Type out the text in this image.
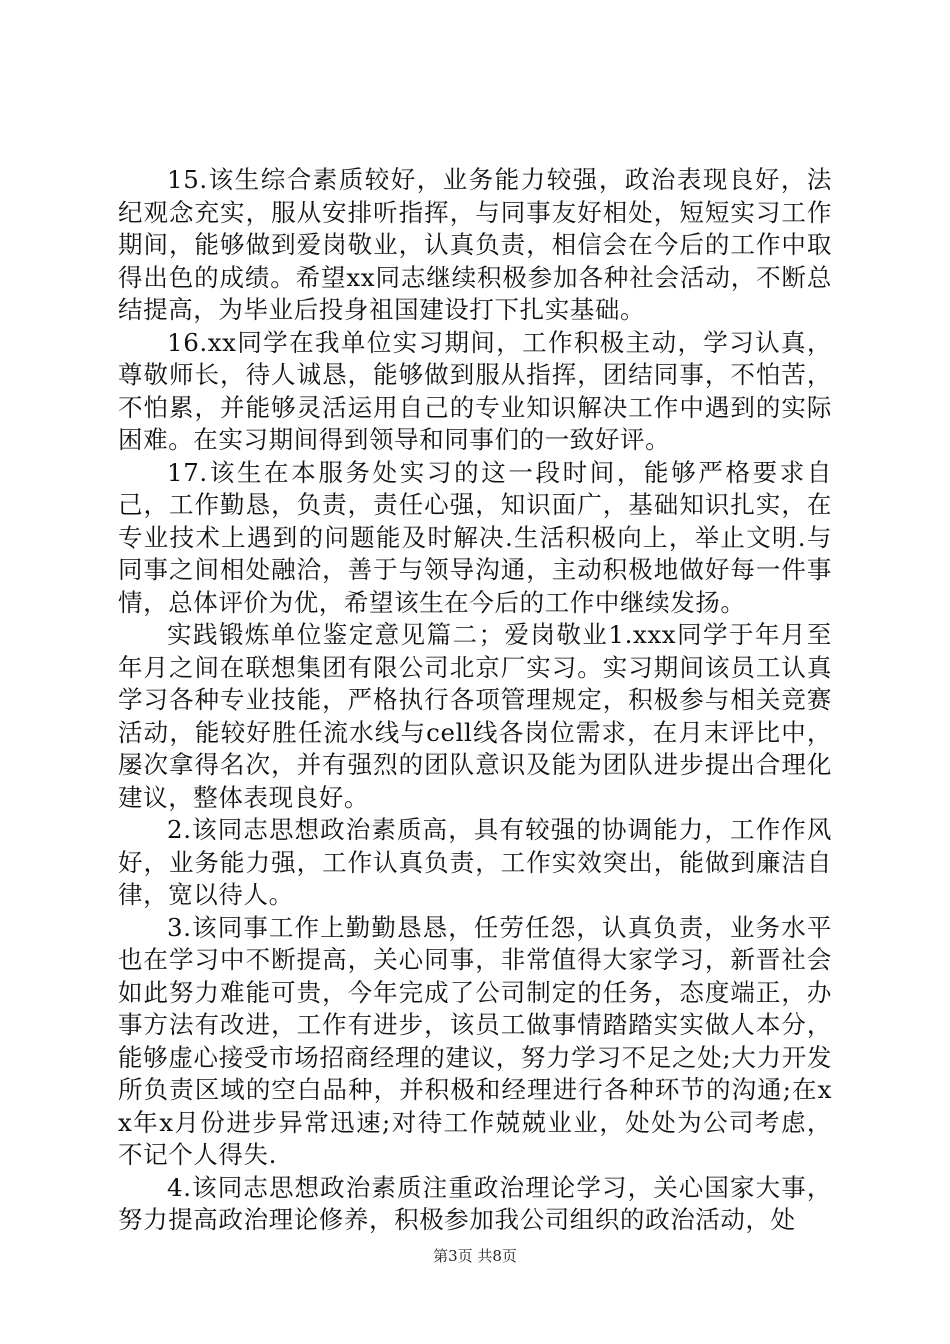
15.该生综合素质较好，业务能力较强，政治表现良好，法纪观念充实，服从安排听指挥，与同事友好相处，短短实习工作期间，能够做到爱岗敬业，认真负责，相信会在今后的工作中取得出色的成绩。希望xx同志继续积极参加各种社会活动，不断总结提高，为毕业后投身祖国建设打下扎实基础。

16.xx同学在我单位实习期间，工作积极主动，学习认真，尊敬师长，待人诚恳，能够做到服从指挥，团结同事，不怕苦，不怕累，并能够灵活运用自己的专业知识解决工作中遇到的实际困难。在实习期间得到领导和同事们的一致好评。

17.该生在本服务处实习的这一段时间，能够严格要求自己，工作勤恳，负责，责任心强，知识面广，基础知识扎实，在专业技术上遇到的问题能及时解决.生活积极向上，举止文明.与同事之间相处融洽，善于与领导沟通，主动积极地做好每一件事情，总体评价为优，希望该生在今后的工作中继续发扬。

实践锻炼单位鉴定意见篇二；爱岗敬业1.xxx同学于年月至年月之间在联想集团有限公司北京厂实习。实习期间该员工认真学习各种专业技能，严格执行各项管理规定，积极参与相关竞赛活动，能较好胜任流水线与cell线各岗位需求，在月末评比中，屡次拿得名次，并有强烈的团队意识及能为团队进步提出合理化建议，整体表现良好。

2.该同志思想政治素质高，具有较强的协调能力，工作作风好，业务能力强，工作认真负责，工作实效突出，能做到廉洁自律，宽以待人。

3.该同事工作上勤勤恳恳，任劳任怨，认真负责，业务水平也在学习中不断提高，关心同事，非常值得大家学习，新晋社会如此努力难能可贵，今年完成了公司制定的任务，态度端正，办事方法有改进，工作有进步，该员工做事情踏踏实实做人本分，能够虚心接受市场招商经理的建议，努力学习不足之处;大力开发所负责区域的空白品种，并积极和经理进行各种环节的沟通;在xx年x月份进步异常迅速;对待工作兢兢业业，处处为公司考虑，不记个人得失.

4.该同志思想政治素质注重政治理论学习，关心国家大事，努力提高政治理论修养，积极参加我公司组织的政治活动，处

第3页 共8页
